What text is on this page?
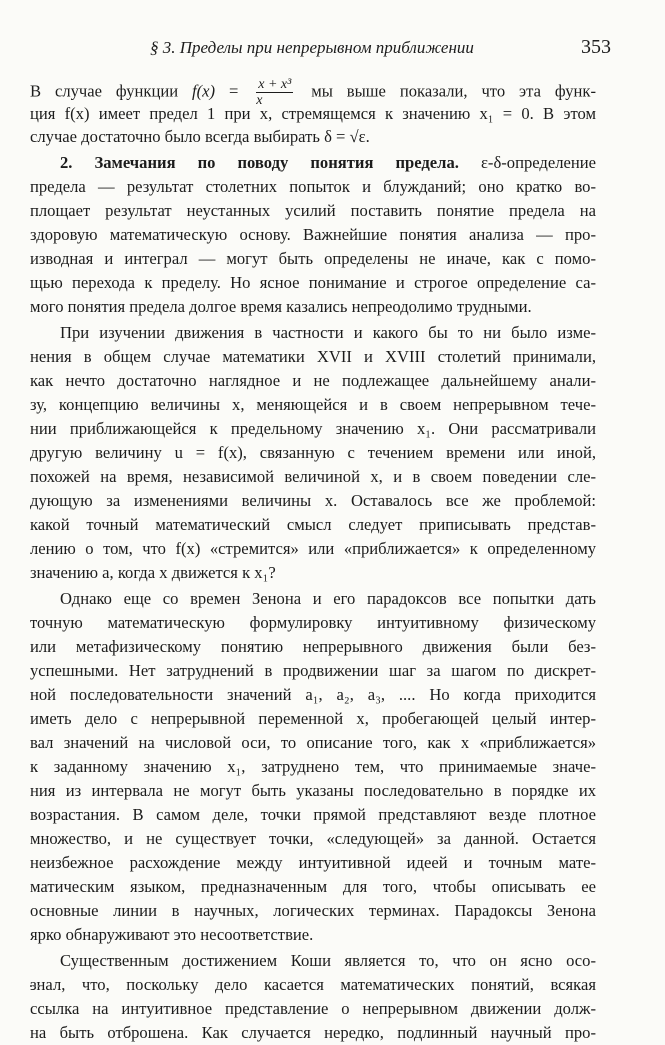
§ 3. Пределы при непрерывном приближении	353
В случае функции $f(x) = \frac{\text{x + x³}}{x}$ мы выше показали, что эта функ-
ция f(x) имеет предел 1 при x, стремящемся к значению x₁ = 0. В этом
случае достаточно было всегда выбирать δ = √ε.
2. Замечания по поводу понятия предела. ε-δ-определение
предела — результат столетних попыток и блужданий; оно кратко во-
площает результат неустанных усилий поставить понятие предела на
здоровую математическую основу. Важнейшие понятия анализа — про-
изводная и интеграл — могут быть определены не иначе, как с помо-
щью перехода к пределу. Но ясное понимание и строгое определение са-
мого понятия предела долгое время казались непреодолимо трудными.
При изучении движения в частности и какого бы то ни было изме-
нения в общем случае математики XVII и XVIII столетий принимали,
как нечто достаточно наглядное и не подлежащее дальнейшему анали-
зу, концепцию величины x, меняющейся и в своем непрерывном тече-
нии приближающейся к предельному значению x₁. Они рассматривали
другую величину u = f(x), связанную с течением времени или иной,
похожей на время, независимой величиной x, и в своем поведении сле-
дующую за изменениями величины x. Оставалось все же проблемой:
какой точный математический смысл следует приписывать представ-
лению о том, что f(x) «стремится» или «приближается» к определенному
значению a, когда x движется к x₁?
Однако еще со времен Зенона и его парадоксов все попытки дать
точную математическую формулировку интуитивному физическому
или метафизическому понятию непрерывного движения были без-
успешными. Нет затруднений в продвижении шаг за шагом по дискрет-
ной последовательности значений a₁, a₂, a₃, .... Но когда приходится
иметь дело с непрерывной переменной x, пробегающей целый интер-
вал значений на числовой оси, то описание того, как x «приближается»
к заданному значению x₁, затруднено тем, что принимаемые значе-
ния из интервала не могут быть указаны последовательно в порядке их
возрастания. В самом деле, точки прямой представляют везде плотное
множество, и не существует точки, «следующей» за данной. Остается
неизбежное расхождение между интуитивной идеей и точным мате-
матическим языком, предназначенным для того, чтобы описывать ее
основные линии в научных, логических терминах. Парадоксы Зенона
ярко обнаруживают это несоответствие.
Существенным достижением Коши является то, что он ясно осо-
знал, что, поскольку дело касается математических понятий, всякая
ссылка на интуитивное представление о непрерывном движении долж-
на быть отброшена. Как случается нередко, подлинный научный про-
